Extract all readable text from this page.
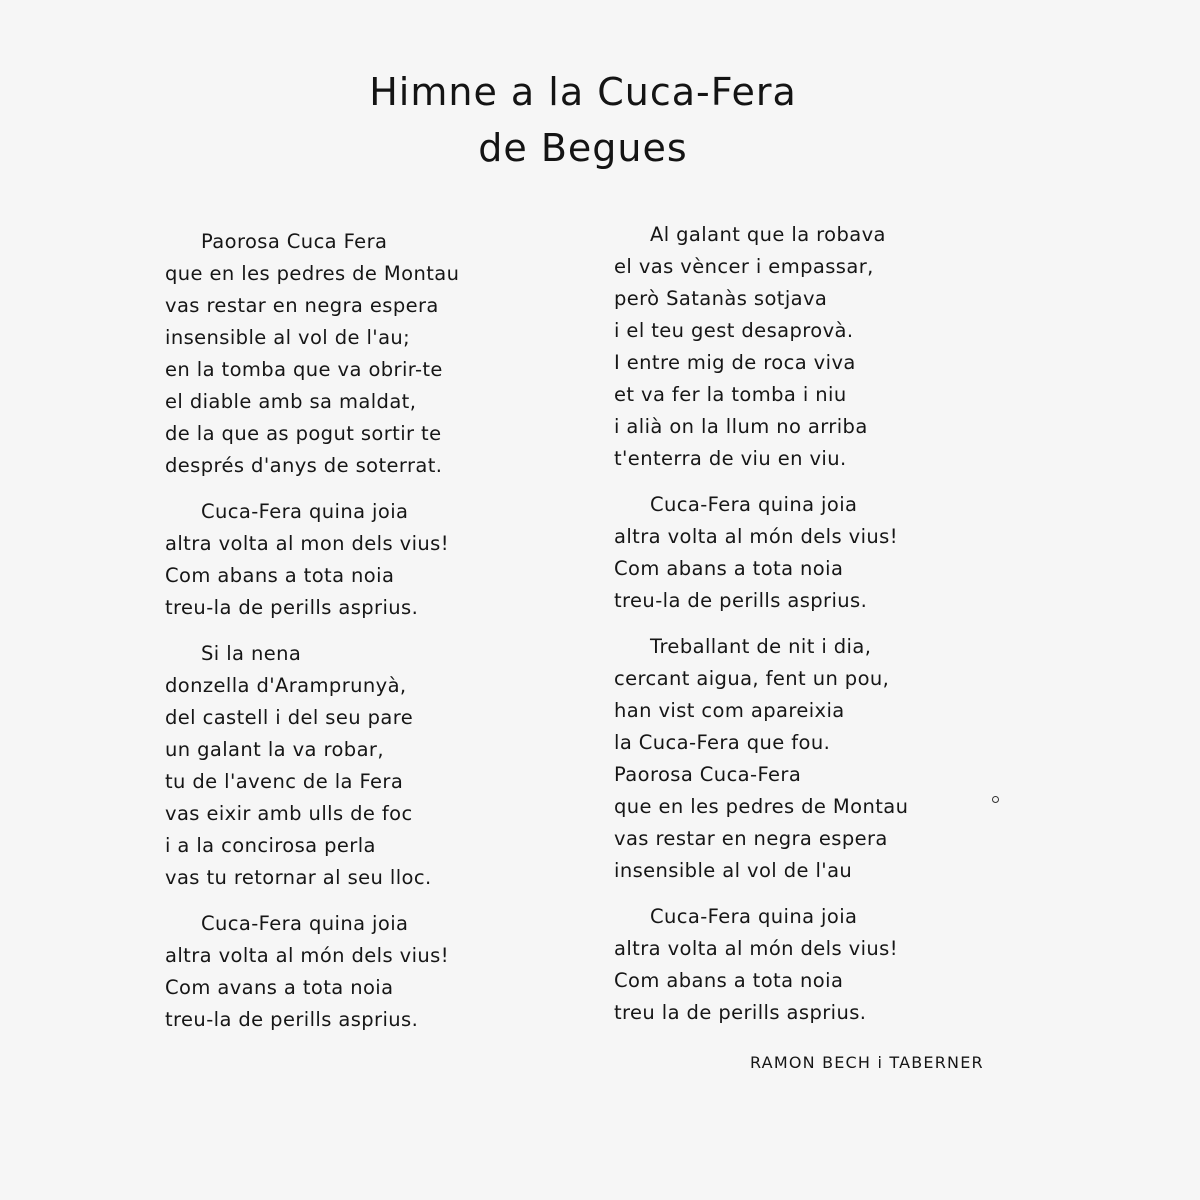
Himne a la Cuca-Fera
de Begues
Paorosa Cuca Fera
que en les pedres de Montau
vas restar en negra espera
insensible al vol de l'au;
en la tomba que va obrir-te
el diable amb sa maldat,
de la que as pogut sortir te
després d'anys de soterrat.
Cuca-Fera quina joia
altra volta al mon dels vius!
Com abans a tota noia
treu-la de perills asprius.
Si la nena
donzella d'Aramprunyà,
del castell i del seu pare
un galant la va robar,
tu de l'avenc de la Fera
vas eixir amb ulls de foc
i a la concirosa perla
vas tu retornar al seu lloc.
Cuca-Fera quina joia
altra volta al món dels vius!
Com avans a tota noia
treu-la de perills asprius.
Al galant que la robava
el vas vèncer i empassar,
però Satanàs sotjava
i el teu gest desaprovà.
I entre mig de roca viva
et va fer la tomba i niu
i alià on la llum no arriba
t'enterra de viu en viu.
Cuca-Fera quina joia
altra volta al món dels vius!
Com abans a tota noia
treu-la de perills asprius.
Treballant de nit i dia,
cercant aigua, fent un pou,
han vist com apareixia
la Cuca-Fera que fou.
Paorosa Cuca-Fera
que en les pedres de Montau
vas restar en negra espera
insensible al vol de l'au
Cuca-Fera quina joia
altra volta al món dels vius!
Com abans a tota noia
treu la de perills asprius.
RAMON BECH i TABERNER
